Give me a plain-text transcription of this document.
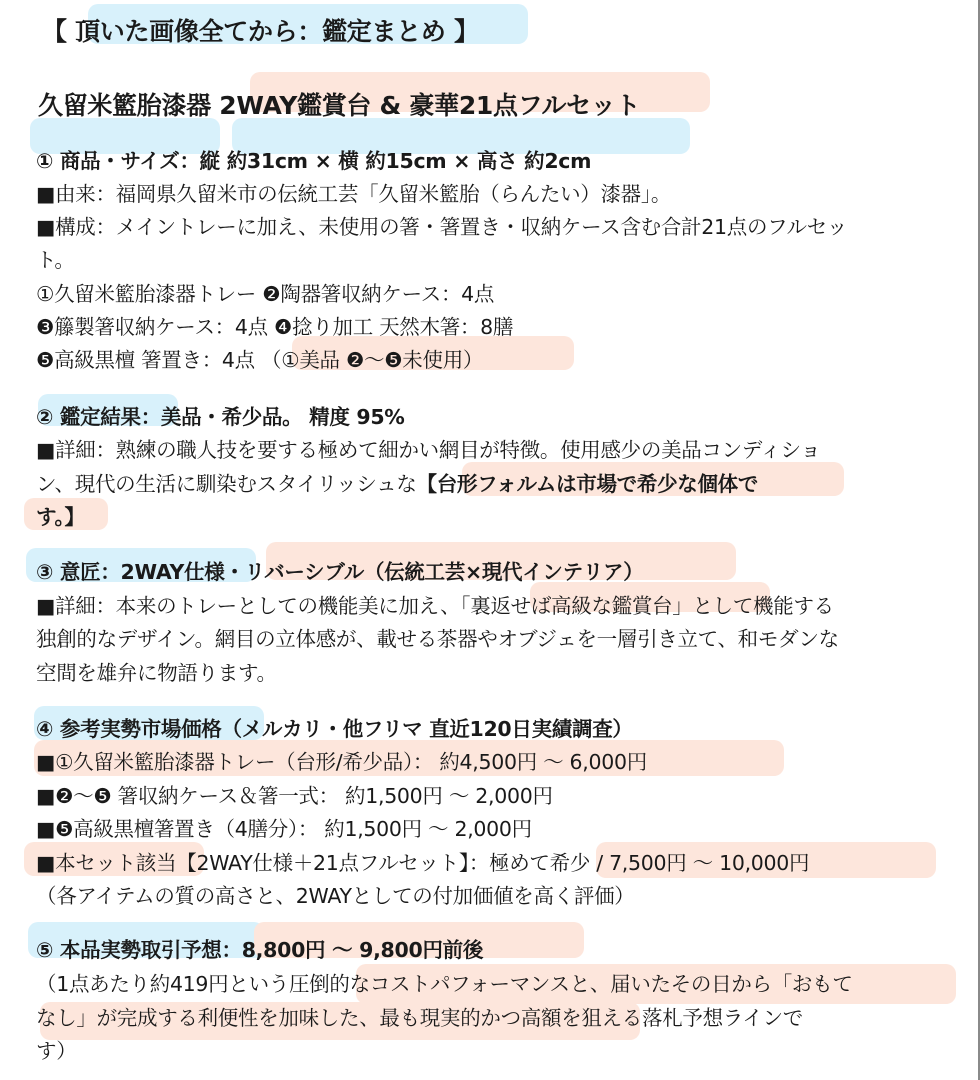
【 頂いた画像全てから：鑑定まとめ 】
久留米籃胎漆器 2WAY鑑賞台 & 豪華21点フルセット
① 商品・サイズ：縦 約31cm × 横 約15cm × 高さ 約2cm
■由来：福岡県久留米市の伝統工芸「久留米籃胎（らんたい）漆器」。
■構成：メイントレーに加え、未使用の箸・箸置き・収納ケース含む合計21点のフルセッ
ト。
①久留米籃胎漆器トレー ❷陶器箸収納ケース：4点
❸籐製箸収納ケース：4点 ❹捻り加工 天然木箸：8膳
❺高級黒檀 箸置き：4点 （①美品 ❷〜❺未使用）
② 鑑定結果：美品・希少品。 精度 95%
■詳細：熟練の職人技を要する極めて細かい網目が特徴。使用感少の美品コンディショ
ン、現代の生活に馴染むスタイリッシュな【台形フォルムは市場で希少な個体で
す。】
③ 意匠：2WAY仕様・リバーシブル（伝統工芸×現代インテリア）
■詳細：本来のトレーとしての機能美に加え、「裏返せば高級な鑑賞台」として機能する
独創的なデザイン。網目の立体感が、載せる茶器やオブジェを一層引き立て、和モダンな
空間を雄弁に物語ります。
④ 参考実勢市場価格（メルカリ・他フリマ 直近120日実績調査）
■①久留米籃胎漆器トレー（台形/希少品）： 約4,500円 〜 6,000円
■❷〜❺ 箸収納ケース＆箸一式： 約1,500円 〜 2,000円
■❺高級黒檀箸置き（4膳分）： 約1,500円 〜 2,000円
■本セット該当【2WAY仕様＋21点フルセット】：極めて希少 / 7,500円 〜 10,000円
（各アイテムの質の高さと、2WAYとしての付加価値を高く評価）
⑤ 本品実勢取引予想：8,800円 〜 9,800円前後
（1点あたり約419円という圧倒的なコストパフォーマンスと、届いたその日から「おもて
なし」が完成する利便性を加味した、最も現実的かつ高額を狙える落札予想ラインで
す）
